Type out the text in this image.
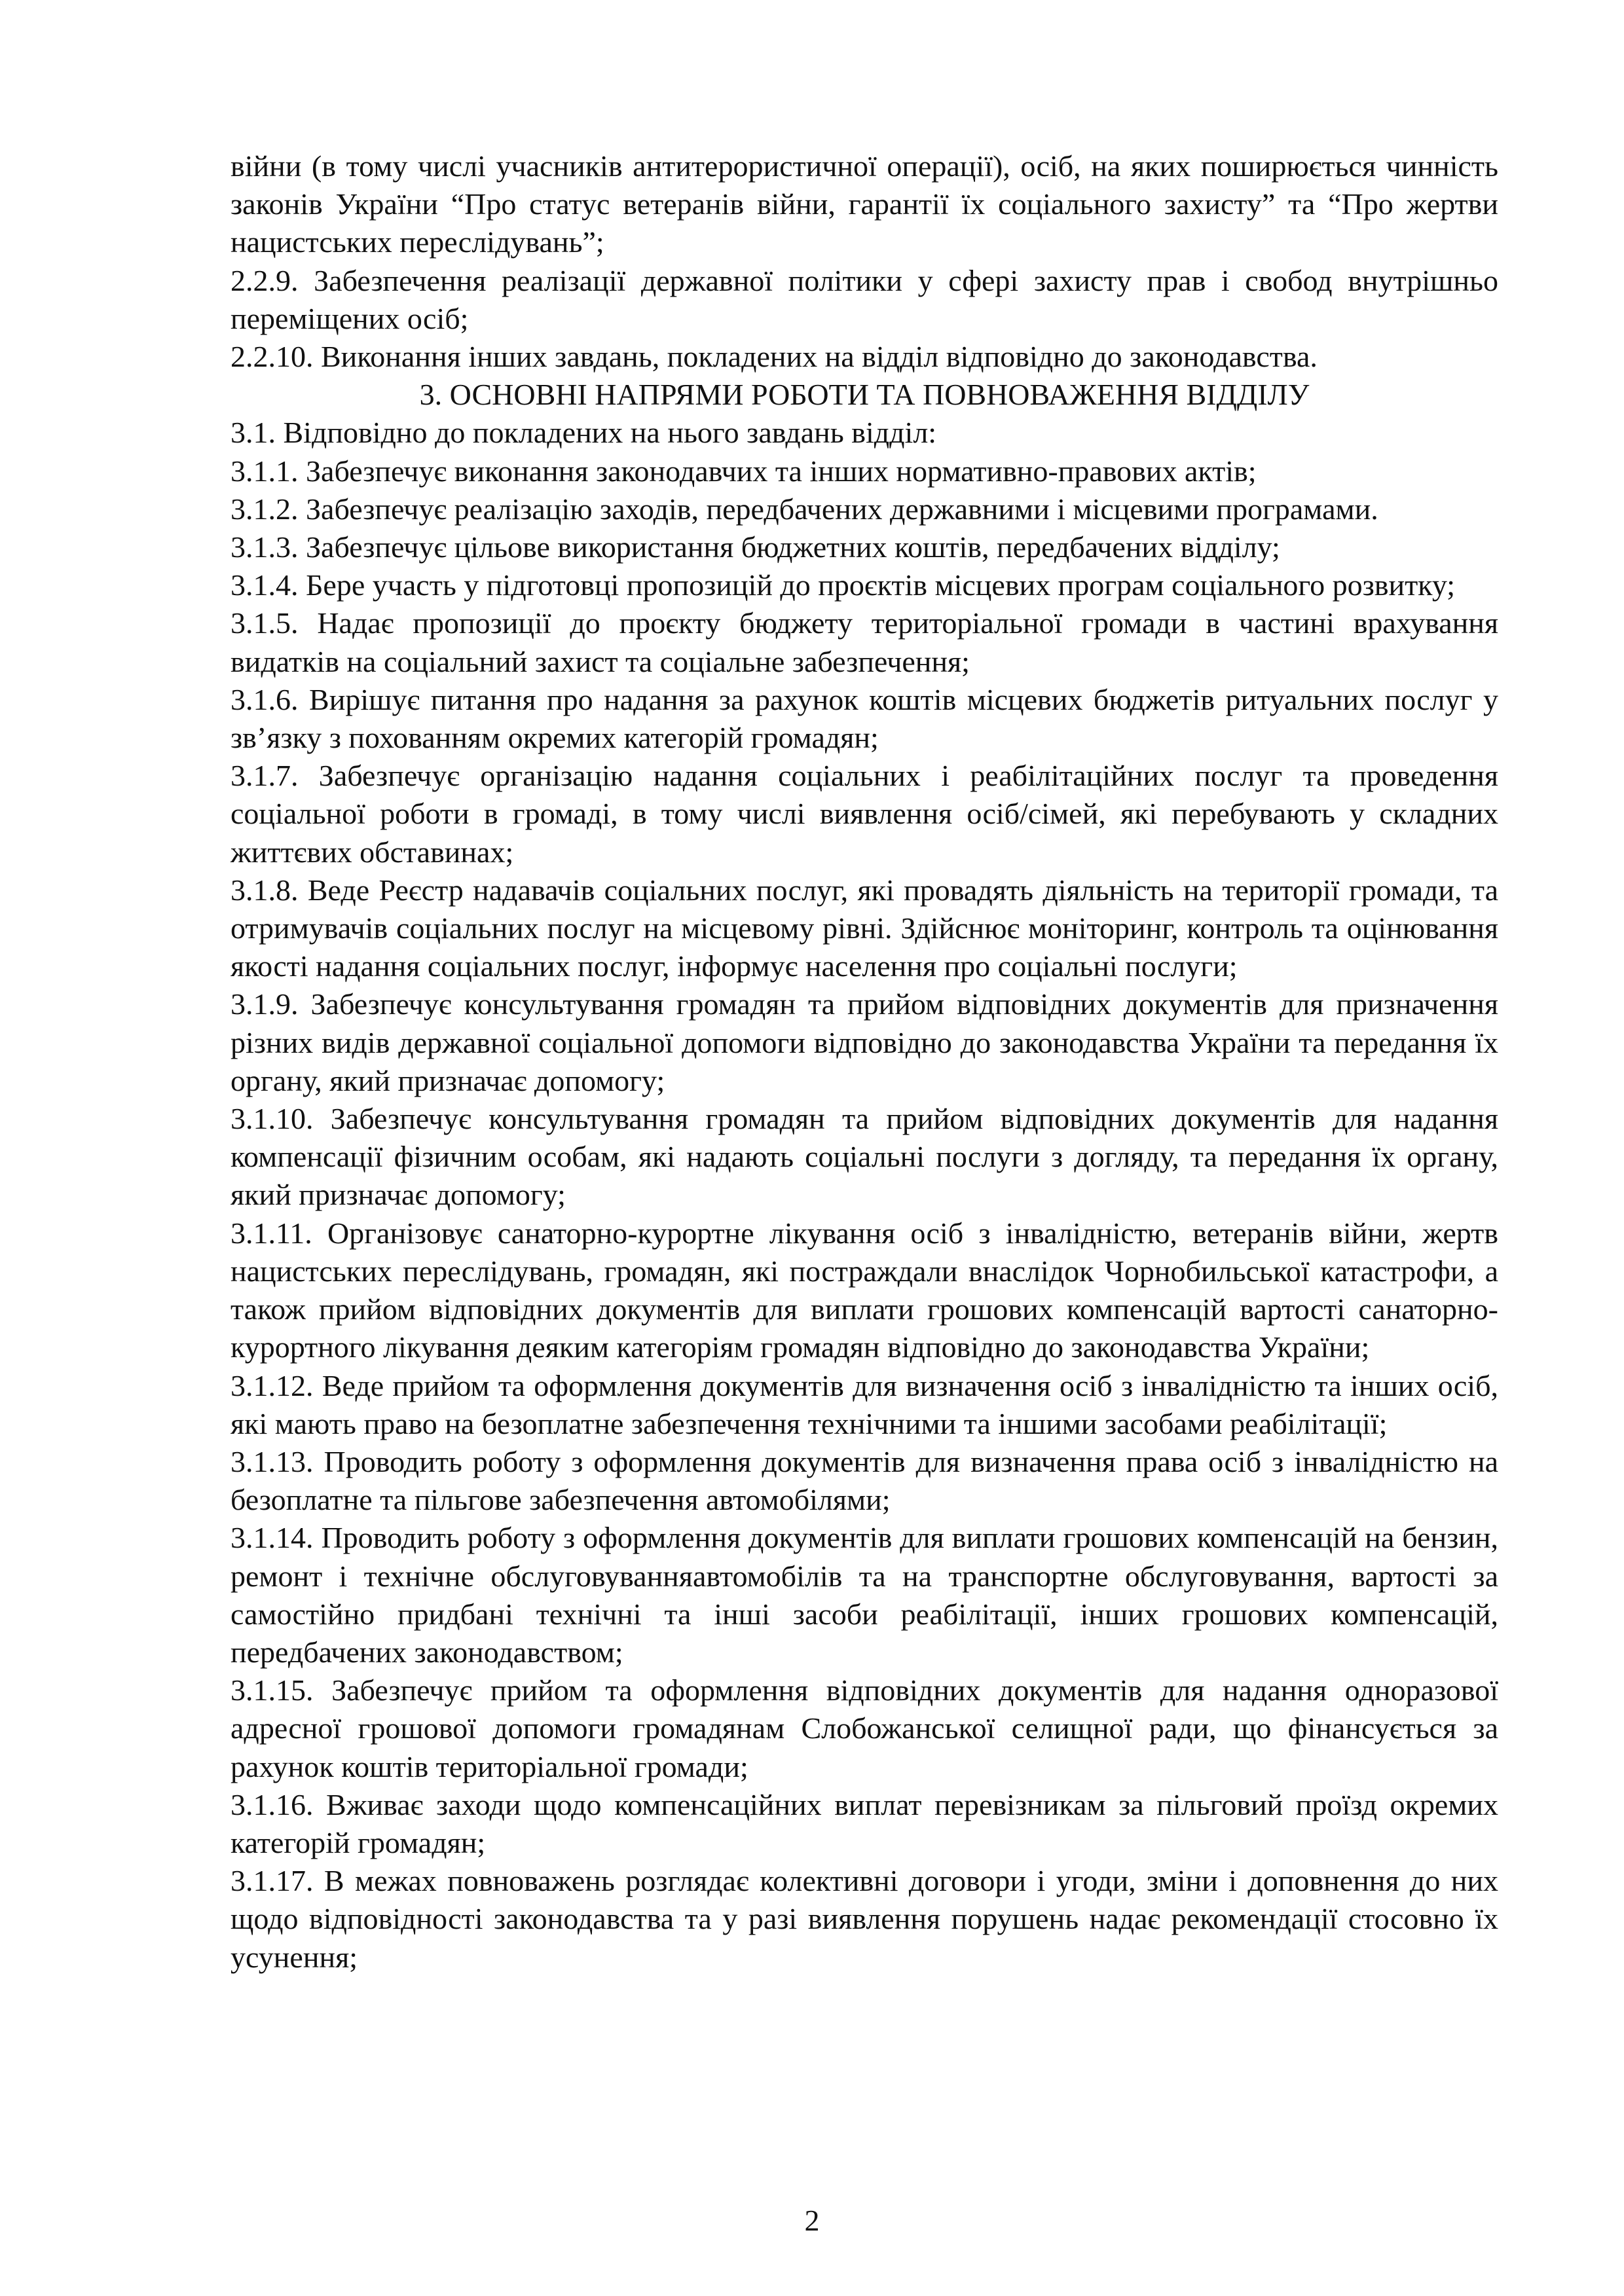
війни (в тому числі учасників антитерористичної операції), осіб, на яких поширюється чинність законів України “Про статус ветеранів війни, гарантії їх соціального захисту” та “Про жертви нацистських переслідувань”;

2.2.9. Забезпечення реалізації державної політики у сфері захисту прав і свобод внутрішньо переміщених осіб;

2.2.10. Виконання інших завдань, покладених на відділ відповідно до законодавства.

3. ОСНОВНІ НАПРЯМИ РОБОТИ ТА ПОВНОВАЖЕННЯ ВІДДІЛУ

3.1. Відповідно до покладених на нього завдань відділ:

3.1.1. Забезпечує виконання законодавчих та інших нормативно-правових актів;

3.1.2. Забезпечує реалізацію заходів, передбачених державними і місцевими програмами.

3.1.3. Забезпечує цільове використання бюджетних коштів, передбачених відділу;

3.1.4. Бере участь у підготовці пропозицій до проєктів місцевих програм соціального розвитку;

3.1.5. Надає пропозиції до проєкту бюджету територіальної громади в частині врахування видатків на соціальний захист та соціальне забезпечення;

3.1.6. Вирішує питання про надання за рахунок коштів місцевих бюджетів ритуальних послуг у зв’язку з похованням окремих категорій громадян;

3.1.7. Забезпечує організацію надання соціальних і реабілітаційних послуг та проведення соціальної роботи в громаді, в тому числі виявлення осіб/сімей, які перебувають у складних життєвих обставинах;

3.1.8. Веде Реєстр надавачів соціальних послуг, які провадять діяльність на території громади, та отримувачів соціальних послуг на місцевому рівні. Здійснює моніторинг, контроль та оцінювання якості надання соціальних послуг, інформує населення про соціальні послуги;

3.1.9. Забезпечує консультування громадян та прийом відповідних документів для призначення різних видів державної соціальної допомоги відповідно до законодавства України та передання їх органу, який призначає допомогу;

3.1.10. Забезпечує консультування громадян та прийом відповідних документів для надання компенсації фізичним особам, які надають соціальні послуги з догляду, та передання їх органу, який призначає допомогу;

3.1.11. Організовує санаторно-курортне лікування осіб з інвалідністю, ветеранів війни, жертв нацистських переслідувань, громадян, які постраждали внаслідок Чорнобильської катастрофи, а також прийом відповідних документів для виплати грошових компенсацій вартості санаторно-курортного лікування деяким категоріям громадян відповідно до законодавства України;

3.1.12. Веде прийом та оформлення документів для визначення осіб з інвалідністю та інших осіб, які мають право на безоплатне забезпечення технічними та іншими засобами реабілітації;

3.1.13. Проводить роботу з оформлення документів для визначення права осіб з інвалідністю на безоплатне та пільгове забезпечення автомобілями;

3.1.14. Проводить роботу з оформлення документів для виплати грошових компенсацій на бензин, ремонт і технічне обслуговуванняавтомобілів та на транспортне обслуговування, вартості за самостійно придбані технічні та інші засоби реабілітації, інших грошових компенсацій, передбачених законодавством;

3.1.15. Забезпечує прийом та оформлення відповідних документів для надання одноразової адресної грошової допомоги громадянам Слобожанської селищної ради, що фінансується за рахунок коштів територіальної громади;

3.1.16. Вживає заходи щодо компенсаційних виплат перевізникам за пільговий проїзд окремих категорій громадян;

3.1.17. В межах повноважень розглядає колективні договори і угоди, зміни і доповнення до них щодо відповідності законодавства та у разі виявлення порушень надає рекомендації стосовно їх усунення;

2
